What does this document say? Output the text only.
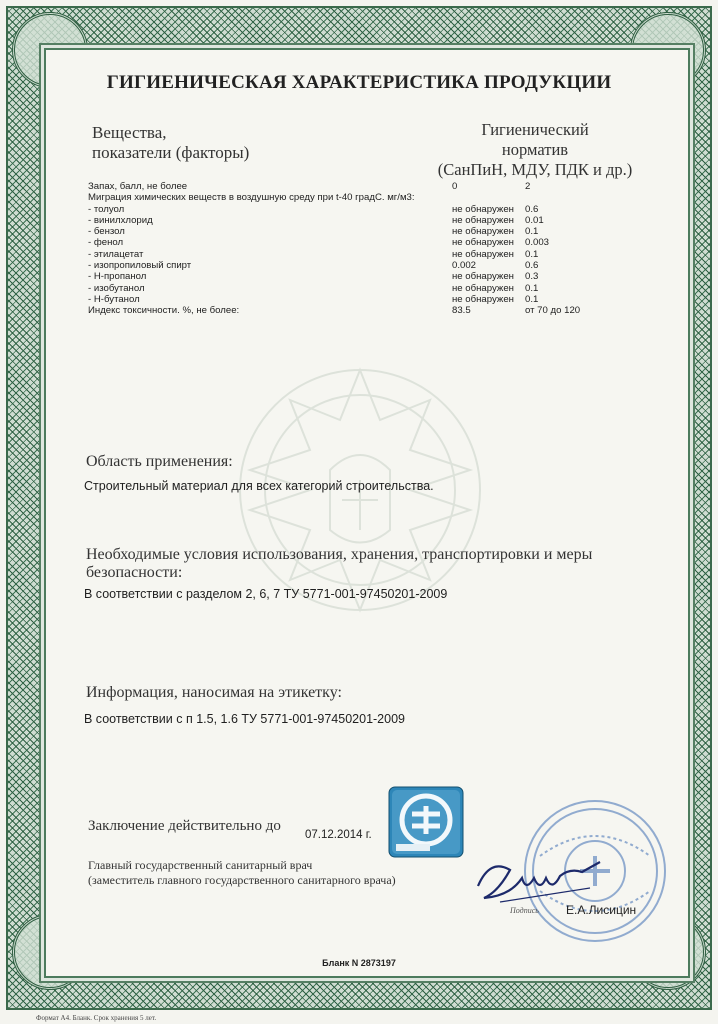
ГИГИЕНИЧЕСКАЯ ХАРАКТЕРИСТИКА ПРОДУКЦИИ
Вещества,
показатели (факторы)
Гигиенический
норматив
(СанПиН, МДУ, ПДК и др.)
Запах, балл, не более	0	2
Миграция химических веществ в воздушную среду при t-40 градС. мг/м3:
- толуол	не обнаружен 0.6
- винилхлорид	не обнаружен 0.01
- бензол	не обнаружен 0.1
- фенол	не обнаружен 0.003
- этилацетат	не обнаружен 0.1
- изопропиловый спирт	0.002	0.6
- Н-пропанол	не обнаружен 0.3
- изобутанол	не обнаружен 0.1
- Н-бутанол	не обнаружен 0.1
Индекс токсичности. %, не более:	83.5	от 70 до 120
Область применения:
Строительный материал для всех категорий строительства.
Необходимые условия использования, хранения, транспортировки и меры
безопасности:
В соответствии с разделом 2, 6, 7 ТУ 5771-001-97450201-2009
Информация, наносимая на этикетку:
В соответствии с п 1.5, 1.6 ТУ 5771-001-97450201-2009
Заключение действительно до
07.12.2014 г.
Главный государственный санитарный врач
(заместитель главного государственного санитарного врача)
Подпись Е.А.Лисицин
Бланк N 2873197
Формат А4. Бланк. Срок хранения 5 лет.
